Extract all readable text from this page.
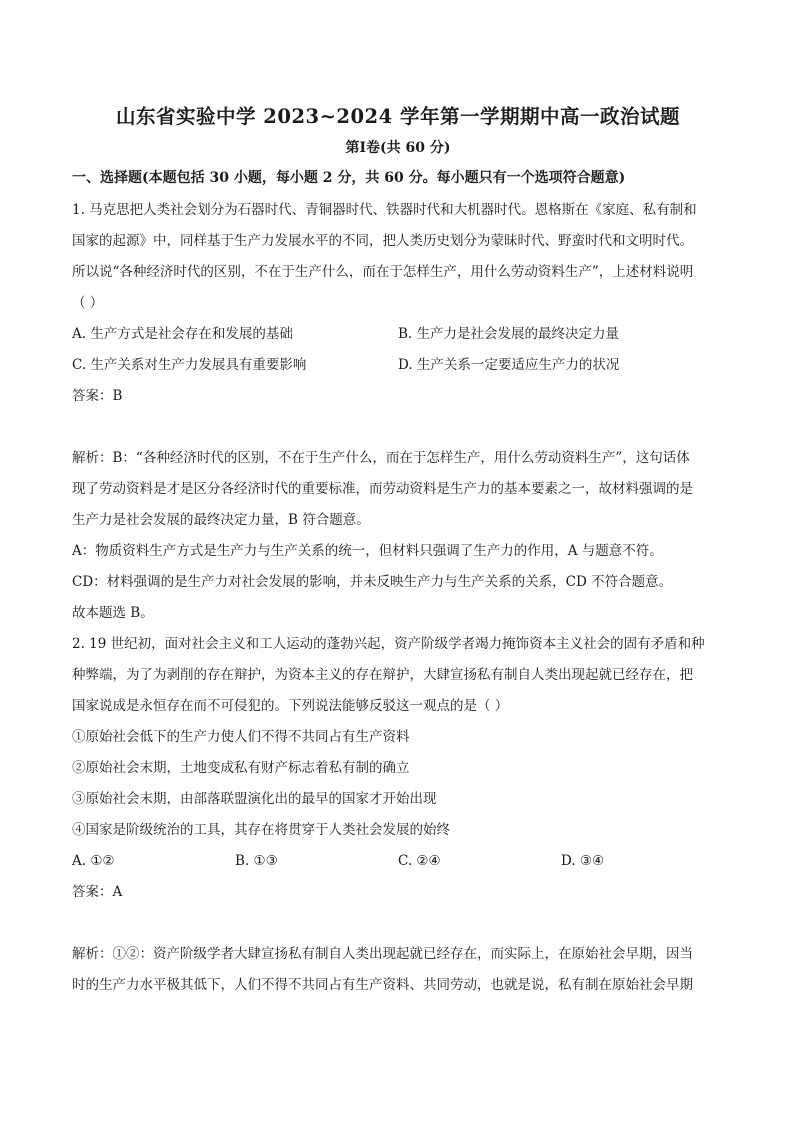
山东省实验中学 2023~2024 学年第一学期期中高一政治试题
第Ⅰ卷(共 60 分)
一、选择题(本题包括 30 小题，每小题 2 分，共 60 分。每小题只有一个选项符合题意)

1. 马克思把人类社会划分为石器时代、青铜器时代、铁器时代和大机器时代。恩格斯在《家庭、私有制和

国家的起源》中，同样基于生产力发展水平的不同，把人类历史划分为蒙昧时代、野蛮时代和文明时代。

所以说“各种经济时代的区别，不在于生产什么，而在于怎样生产，用什么劳动资料生产”，上述材料说明

（ ）

A. 生产方式是社会存在和发展的基础	B. 生产力是社会发展的最终决定力量
C. 生产关系对生产力发展具有重要影响	D. 生产关系一定要适应生产力的状况

答案：B

解析：B：“各种经济时代的区别，不在于生产什么，而在于怎样生产，用什么劳动资料生产”，这句话体

现了劳动资料是才是区分各经济时代的重要标准，而劳动资料是生产力的基本要素之一，故材料强调的是

生产力是社会发展的最终决定力量，B 符合题意。

A：物质资料生产方式是生产力与生产关系的统一，但材料只强调了生产力的作用，A 与题意不符。

CD：材料强调的是生产力对社会发展的影响，并未反映生产力与生产关系的关系，CD 不符合题意。

故本题选 B。

2. 19 世纪初，面对社会主义和工人运动的蓬勃兴起，资产阶级学者竭力掩饰资本主义社会的固有矛盾和种

种弊端，为了为剥削的存在辩护，为资本主义的存在辩护，大肆宣扬私有制自人类出现起就已经存在，把

国家说成是永恒存在而不可侵犯的。下列说法能够反驳这一观点的是（ ）

①原始社会低下的生产力使人们不得不共同占有生产资料

②原始社会末期，土地变成私有财产标志着私有制的确立

③原始社会末期，由部落联盟演化出的最早的国家才开始出现

④国家是阶级统治的工具，其存在将贯穿于人类社会发展的始终

A. ①②	B. ①③	C. ②④	D. ③④

答案：A

解析：①②：资产阶级学者大肆宣扬私有制自人类出现起就已经存在，而实际上，在原始社会早期，因当

时的生产力水平极其低下，人们不得不共同占有生产资料、共同劳动，也就是说，私有制在原始社会早期
